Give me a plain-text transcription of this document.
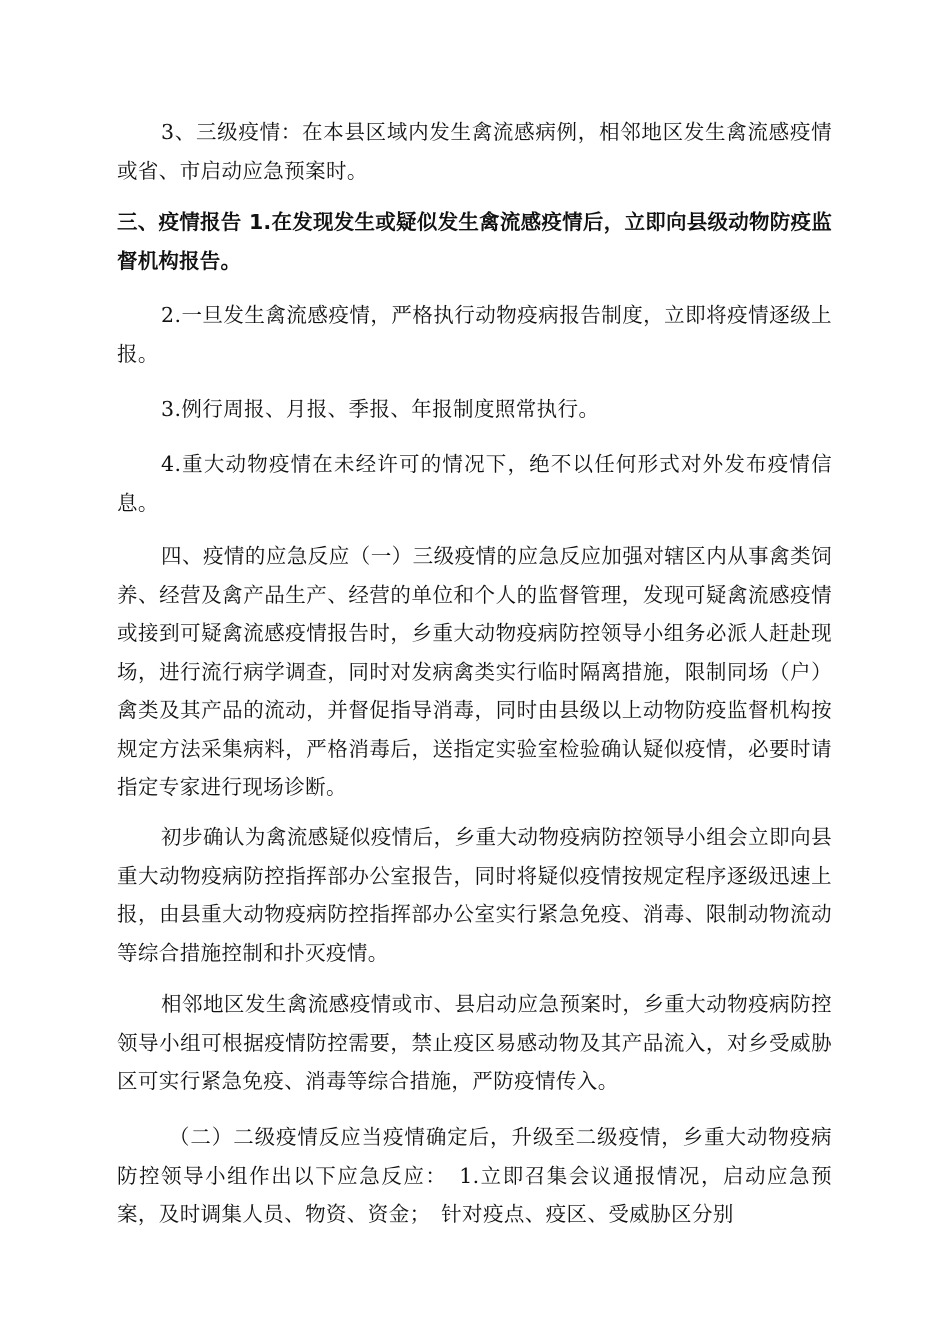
3、三级疫情：在本县区域内发生禽流感病例，相邻地区发生禽流感疫情或省、市启动应急预案时。

三、疫情报告 1.在发现发生或疑似发生禽流感疫情后，立即向县级动物防疫监督机构报告。

2.一旦发生禽流感疫情，严格执行动物疫病报告制度，立即将疫情逐级上报。

3.例行周报、月报、季报、年报制度照常执行。

4.重大动物疫情在未经许可的情况下，绝不以任何形式对外发布疫情信息。

四、疫情的应急反应（一）三级疫情的应急反应加强对辖区内从事禽类饲养、经营及禽产品生产、经营的单位和个人的监督管理，发现可疑禽流感疫情或接到可疑禽流感疫情报告时，乡重大动物疫病防控领导小组务必派人赶赴现场，进行流行病学调查，同时对发病禽类实行临时隔离措施，限制同场（户）禽类及其产品的流动，并督促指导消毒，同时由县级以上动物防疫监督机构按规定方法采集病料，严格消毒后，送指定实验室检验确认疑似疫情，必要时请指定专家进行现场诊断。

初步确认为禽流感疑似疫情后，乡重大动物疫病防控领导小组会立即向县重大动物疫病防控指挥部办公室报告，同时将疑似疫情按规定程序逐级迅速上报，由县重大动物疫病防控指挥部办公室实行紧急免疫、消毒、限制动物流动等综合措施控制和扑灭疫情。

相邻地区发生禽流感疫情或市、县启动应急预案时，乡重大动物疫病防控领导小组可根据疫情防控需要，禁止疫区易感动物及其产品流入，对乡受威胁区可实行紧急免疫、消毒等综合措施，严防疫情传入。

（二）二级疫情反应当疫情确定后，升级至二级疫情，乡重大动物疫病防控领导小组作出以下应急反应：　1.立即召集会议通报情况，启动应急预案，及时调集人员、物资、资金；　针对疫点、疫区、受威胁区分别
